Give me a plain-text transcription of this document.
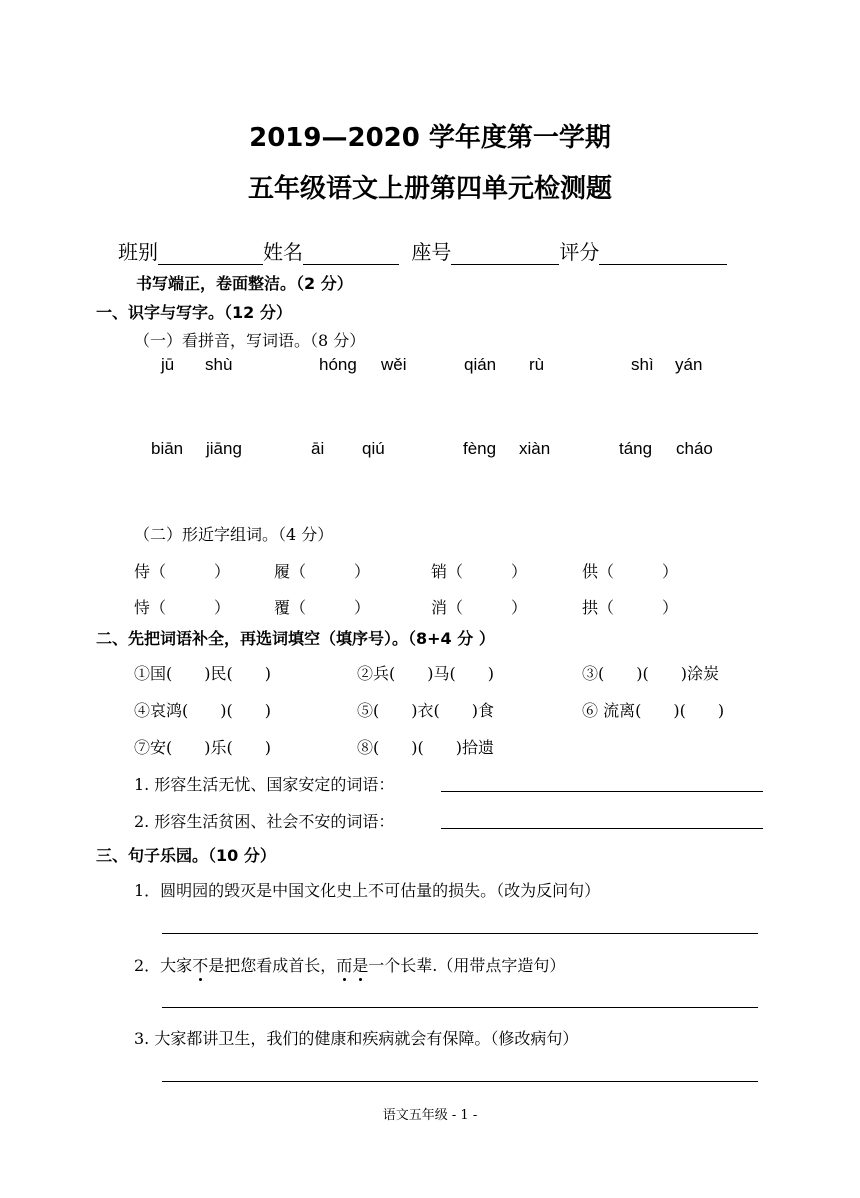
2019—2020 学年度第一学期
五年级语文上册第四单元检测题
班别	姓名	座号	评分
书写端正，卷面整洁。（2 分）
一、识字与写字。（12 分）
（一）看拼音，写词语。（8 分）
jū shù	hóng wěi	qián rù	shì yán
biān jiāng	āi qiú	fèng xiàn	táng cháo
（二）形近字组词。（4 分）
侍（　　　）	履（　　　）	销（　　　）	供（　　　）
恃（　　　）	覆（　　　）	消（　　　）	拱（　　　）
二、先把词语补全，再选词填空（填序号）。（8+4 分 ）
①国(　　)民(　　)	②兵(　　)马(　　)	③(　　)(　　)涂炭
④哀鸿(　　)(　　)	⑤(　　)衣(　　)食	⑥ 流离(　　)(　　)
⑦安(　　)乐(　　)	⑧(　　)(　　)拾遗
1. 形容生活无忧、国家安定的词语：
2. 形容生活贫困、社会不安的词语：
三、句子乐园。（10 分）
1．圆明园的毁灭是中国文化史上不可估量的损失。（改为反问句）
2．大家不是把您看成首长，而是一个长辈.（用带点字造句）
3. 大家都讲卫生，我们的健康和疾病就会有保障。（修改病句）
语文五年级 - 1 -
